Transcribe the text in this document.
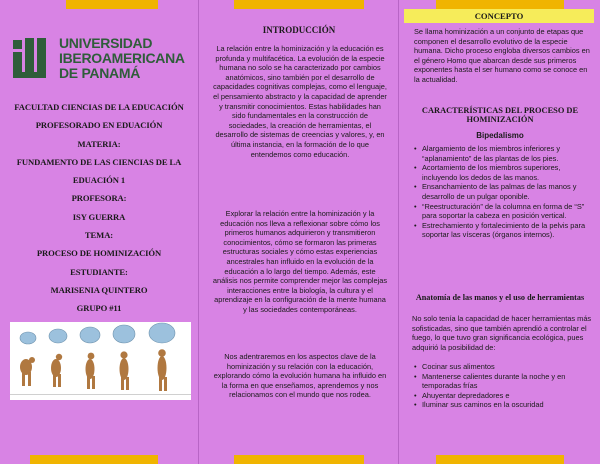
UNIVERSIDAD
IBEROAMERICANA
DE PANAMÁ
FACULTAD CIENCIAS DE LA EDUCACIÓN
PROFESORADO EN EDUACIÓN
MATERIA:
FUNDAMENTO DE LAS CIENCIAS DE LA
EDUACIÓN 1
PROFESORA:
ISY GUERRA
TEMA:
PROCESO DE HOMINIZACIÓN
ESTUDIANTE:
MARISENIA QUINTERO
GRUPO #11
INTRODUCCIÓN

La relación entre la hominización y la educación es profunda y multifacética. La evolución de la especie humana no solo se ha caracterizado por cambios anatómicos, sino también por el desarrollo de capacidades cognitivas complejas, como el lenguaje, el pensamiento abstracto y la capacidad de aprender y transmitir conocimientos. Estas habilidades han sido fundamentales en la construcción de sociedades, la creación de herramientas, el desarrollo de sistemas de creencias y valores, y, en última instancia, en la formación de lo que entendemos como educación.

Explorar la relación entre la hominización y la educación nos lleva a reflexionar sobre cómo los primeros humanos adquirieron y transmitieron conocimientos, cómo se formaron las primeras estructuras sociales y cómo estas experiencias ancestrales han influido en la evolución de la educación a lo largo del tiempo. Además, este análisis nos permite comprender mejor las complejas interacciones entre la biología, la cultura y el aprendizaje en la configuración de la mente humana y las sociedades contemporáneas.

Nos adentraremos en los aspectos clave de la hominización y su relación con la educación, explorando cómo la evolución humana ha influido en la forma en que enseñamos, aprendemos y nos relacionamos con el mundo que nos rodea.

CONCEPTO

Se llama hominización a un conjunto de etapas que componen el desarrollo evolutivo de la especie humana. Dicho proceso engloba diversos cambios en el género Homo que abarcan desde sus primeros exponentes hasta el ser humano como se conoce en la actualidad.

CARACTERÍSTICAS DEL PROCESO DE HOMINIZACIÓN
Bipedalismo
• Alargamiento de los miembros inferiores y “aplanamiento” de las plantas de los pies.
• Acortamiento de los miembros superiores, incluyendo los dedos de las manos.
• Ensanchamiento de las palmas de las manos y desarrollo de un pulgar oponible.
• “Reestructuración” de la columna en forma de “S” para soportar la cabeza en posición vertical.
• Estrechamiento y fortalecimiento de la pelvis para soportar las vísceras (órganos internos).
Anatomía de las manos y el uso de herramientas

No solo tenía la capacidad de hacer herramientas más sofisticadas, sino que también aprendió a controlar el fuego, lo que tuvo gran significancia ecológica, pues adquirió la posibilidad de:

• Cocinar sus alimentos
• Mantenerse calientes durante la noche y en temporadas frías
• Ahuyentar depredadores e
• Iluminar sus caminos en la oscuridad
